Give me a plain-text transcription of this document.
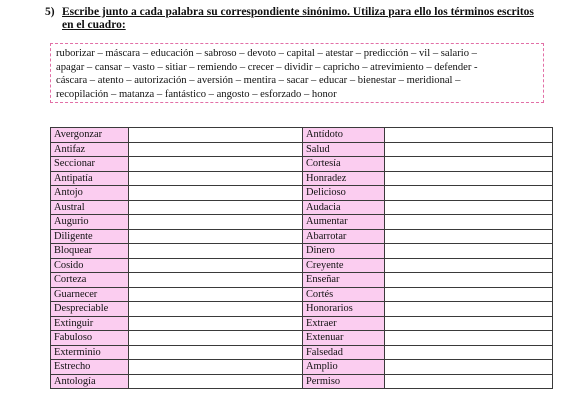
5) Escribe junto a cada palabra su correspondiente sinónimo. Utiliza para ello los términos escritos en el cuadro:
ruborizar – máscara – educación – sabroso – devoto – capital – atestar – predicción – vil – salario –
apagar – cansar – vasto – sitiar – remiendo – crecer – dividir – capricho – atrevimiento – defender -
cáscara – atento – autorización – aversión – mentira – sacar – educar – bienestar – meridional –
recopilación – matanza – fantástico – angosto – esforzado – honor
Avergonzar		Antídoto	
Antifaz		Salud	
Seccionar		Cortesía	
Antipatía		Honradez	
Antojo		Delicioso	
Austral		Audacia	
Augurio		Aumentar	
Diligente		Abarrotar	
Bloquear		Dinero	
Cosido		Creyente	
Corteza		Enseñar	
Guarnecer		Cortés	
Despreciable		Honorarios	
Extinguir		Extraer	
Fabuloso		Extenuar	
Exterminio		Falsedad	
Estrecho		Amplio	
Antología		Permiso	
